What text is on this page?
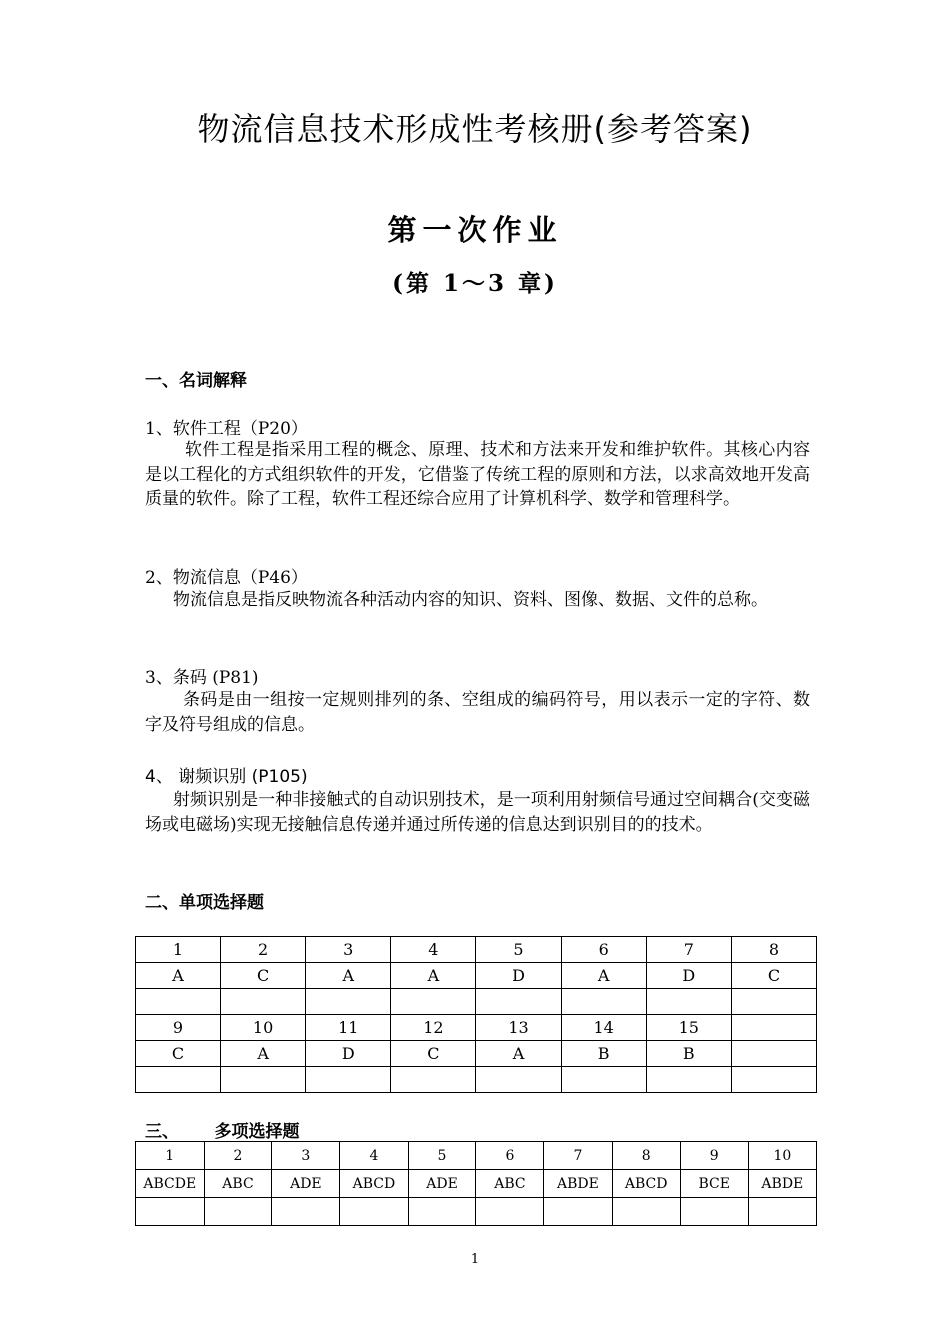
物流信息技术形成性考核册(参考答案)
第一次作业
(第 1～3 章)
一、名词解释
1、软件工程（P20）
软件工程是指采用工程的概念、原理、技术和方法来开发和维护软件。其核心内容是以工程化的方式组织软件的开发，它借鉴了传统工程的原则和方法，以求高效地开发高质量的软件。除了工程，软件工程还综合应用了计算机科学、数学和管理科学。
2、物流信息（P46）
物流信息是指反映物流各种活动内容的知识、资料、图像、数据、文件的总称。
3、条码 (P81)
条码是由一组按一定规则排列的条、空组成的编码符号，用以表示一定的字符、数字及符号组成的信息。
4、 谢频识别 (P105)
射频识别是一种非接触式的自动识别技术，是一项利用射频信号通过空间耦合(交变磁场或电磁场)实现无接触信息传递并通过所传递的信息达到识别目的的技术。
二、单项选择题
1	2	3	4	5	6	7	8
A	C	A	A	D	A	D	C

9	10	11	12	13	14	15	
C	A	D	C	A	B	B	

三、      多项选择题
1	2	3	4	5	6	7	8	9	10
ABCDE	ABC	ADE	ABCD	ADE	ABC	ABDE	ABCD	BCE	ABDE

1
